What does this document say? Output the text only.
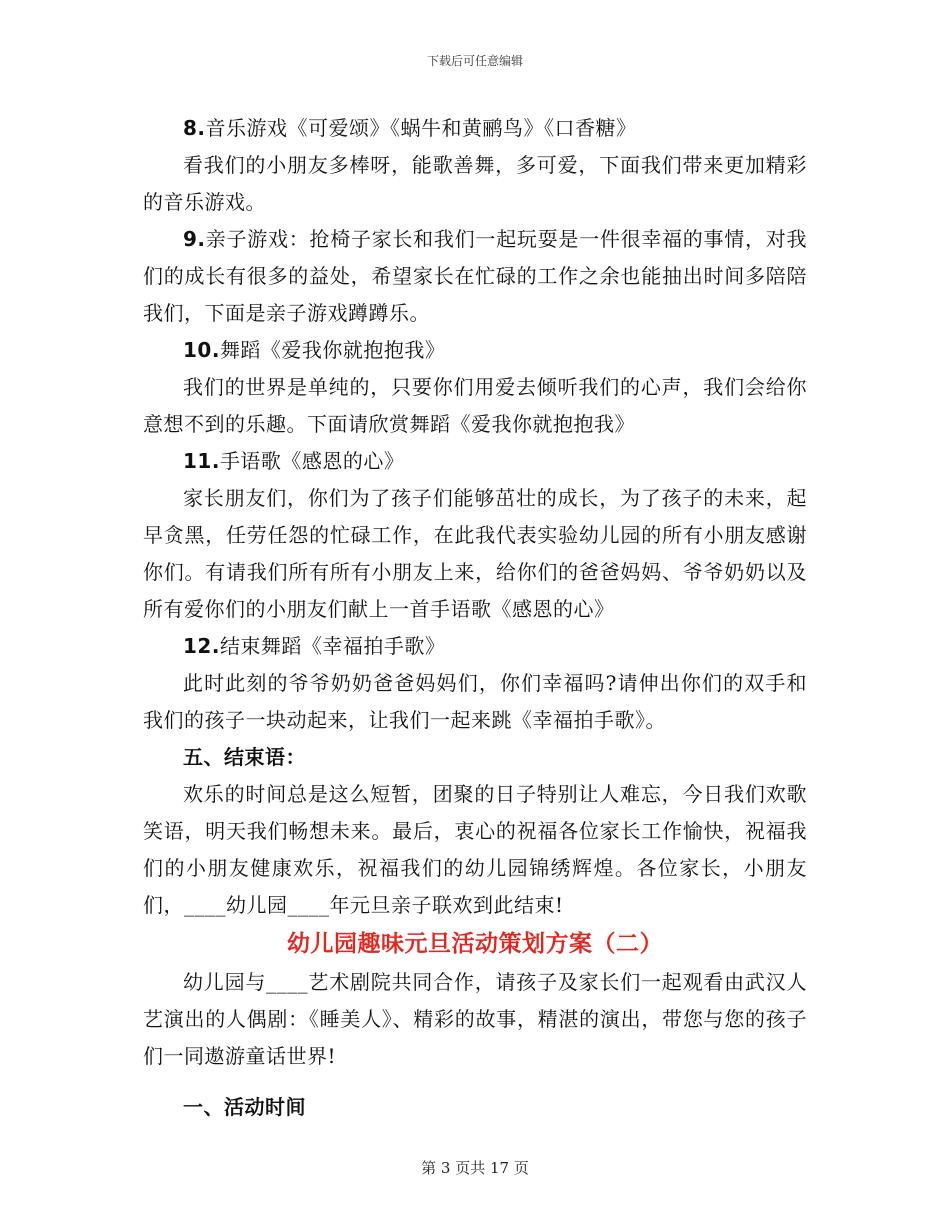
下载后可任意编辑

8.音乐游戏《可爱颂》《蜗牛和黄鹂鸟》《口香糖》

看我们的小朋友多棒呀，能歌善舞，多可爱，下面我们带来更加精彩的音乐游戏。

9.亲子游戏：抢椅子家长和我们一起玩耍是一件很幸福的事情，对我们的成长有很多的益处，希望家长在忙碌的工作之余也能抽出时间多陪陪我们，下面是亲子游戏蹲蹲乐。

10.舞蹈《爱我你就抱抱我》

我们的世界是单纯的，只要你们用爱去倾听我们的心声，我们会给你意想不到的乐趣。下面请欣赏舞蹈《爱我你就抱抱我》

11.手语歌《感恩的心》

家长朋友们，你们为了孩子们能够茁壮的成长，为了孩子的未来，起早贪黑，任劳任怨的忙碌工作，在此我代表实验幼儿园的所有小朋友感谢你们。有请我们所有所有小朋友上来，给你们的爸爸妈妈、爷爷奶奶以及所有爱你们的小朋友们献上一首手语歌《感恩的心》

12.结束舞蹈《幸福拍手歌》

此时此刻的爷爷奶奶爸爸妈妈们，你们幸福吗?请伸出你们的双手和我们的孩子一块动起来，让我们一起来跳《幸福拍手歌》。

五、结束语：

欢乐的时间总是这么短暂，团聚的日子特别让人难忘，今日我们欢歌笑语，明天我们畅想未来。最后，衷心的祝福各位家长工作愉快，祝福我们的小朋友健康欢乐，祝福我们的幼儿园锦绣辉煌。各位家长，小朋友们，____幼儿园____年元旦亲子联欢到此结束!

幼儿园趣味元旦活动策划方案（二）

幼儿园与____艺术剧院共同合作，请孩子及家长们一起观看由武汉人艺演出的人偶剧：《睡美人》、精彩的故事，精湛的演出，带您与您的孩子们一同遨游童话世界!

一、活动时间

第 3 页共 17 页
